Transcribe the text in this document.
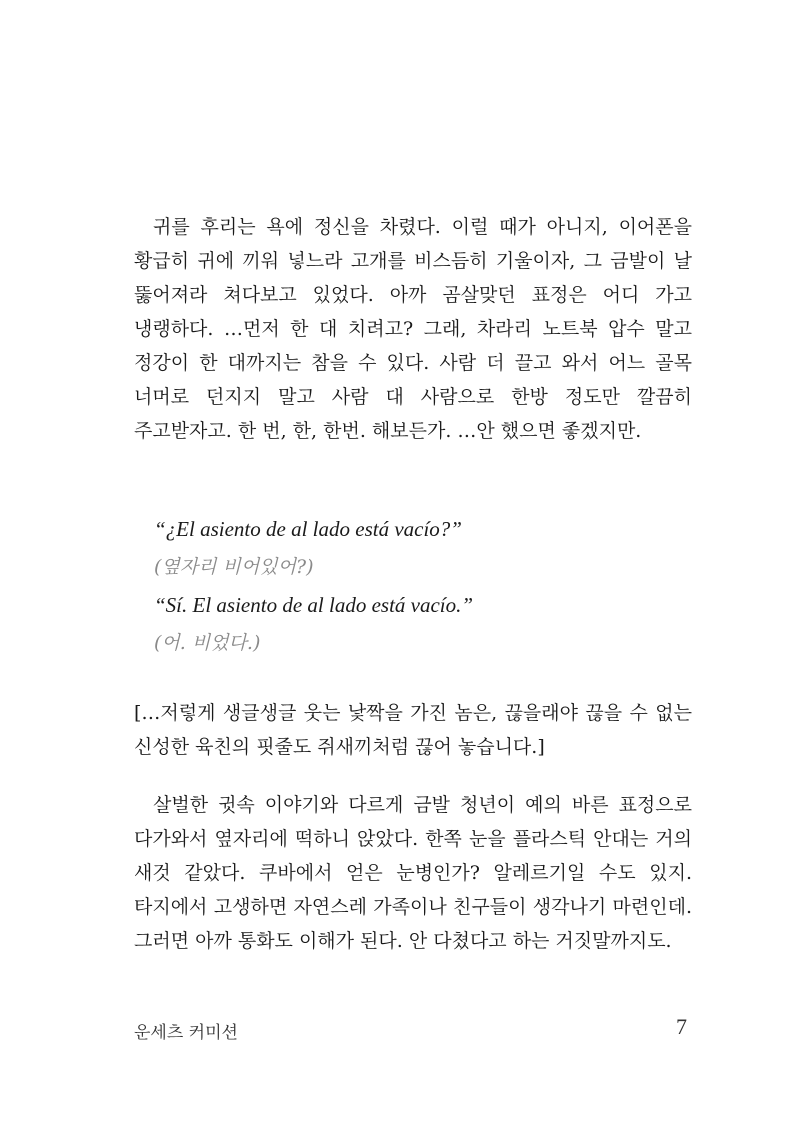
귀를 후리는 욕에 정신을 차렸다. 이럴 때가 아니지, 이어폰을 황급히 귀에 끼워 넣느라 고개를 비스듬히 기울이자, 그 금발이 날 뚫어져라 쳐다보고 있었다. 아까 곰살맞던 표정은 어디 가고 냉랭하다. …먼저 한 대 치려고? 그래, 차라리 노트북 압수 말고 정강이 한 대까지는 참을 수 있다. 사람 더 끌고 와서 어느 골목 너머로 던지지 말고 사람 대 사람으로 한방 정도만 깔끔히 주고받자고. 한 번, 한, 한번. 해보든가. …안 했으면 좋겠지만.

“¿El asiento de al lado está vacío?”
(옆자리 비어있어?)
“Sí. El asiento de al lado está vacío.”
(어. 비었다.)

[…저렇게 생글생글 웃는 낯짝을 가진 놈은, 끊을래야 끊을 수 없는 신성한 육친의 핏줄도 쥐새끼처럼 끊어 놓습니다.]

살벌한 귓속 이야기와 다르게 금발 청년이 예의 바른 표정으로 다가와서 옆자리에 떡하니 앉았다. 한쪽 눈을 플라스틱 안대는 거의 새것 같았다. 쿠바에서 얻은 눈병인가? 알레르기일 수도 있지. 타지에서 고생하면 자연스레 가족이나 친구들이 생각나기 마련인데. 그러면 아까 통화도 이해가 된다. 안 다쳤다고 하는 거짓말까지도.

운세츠 커미션	7
